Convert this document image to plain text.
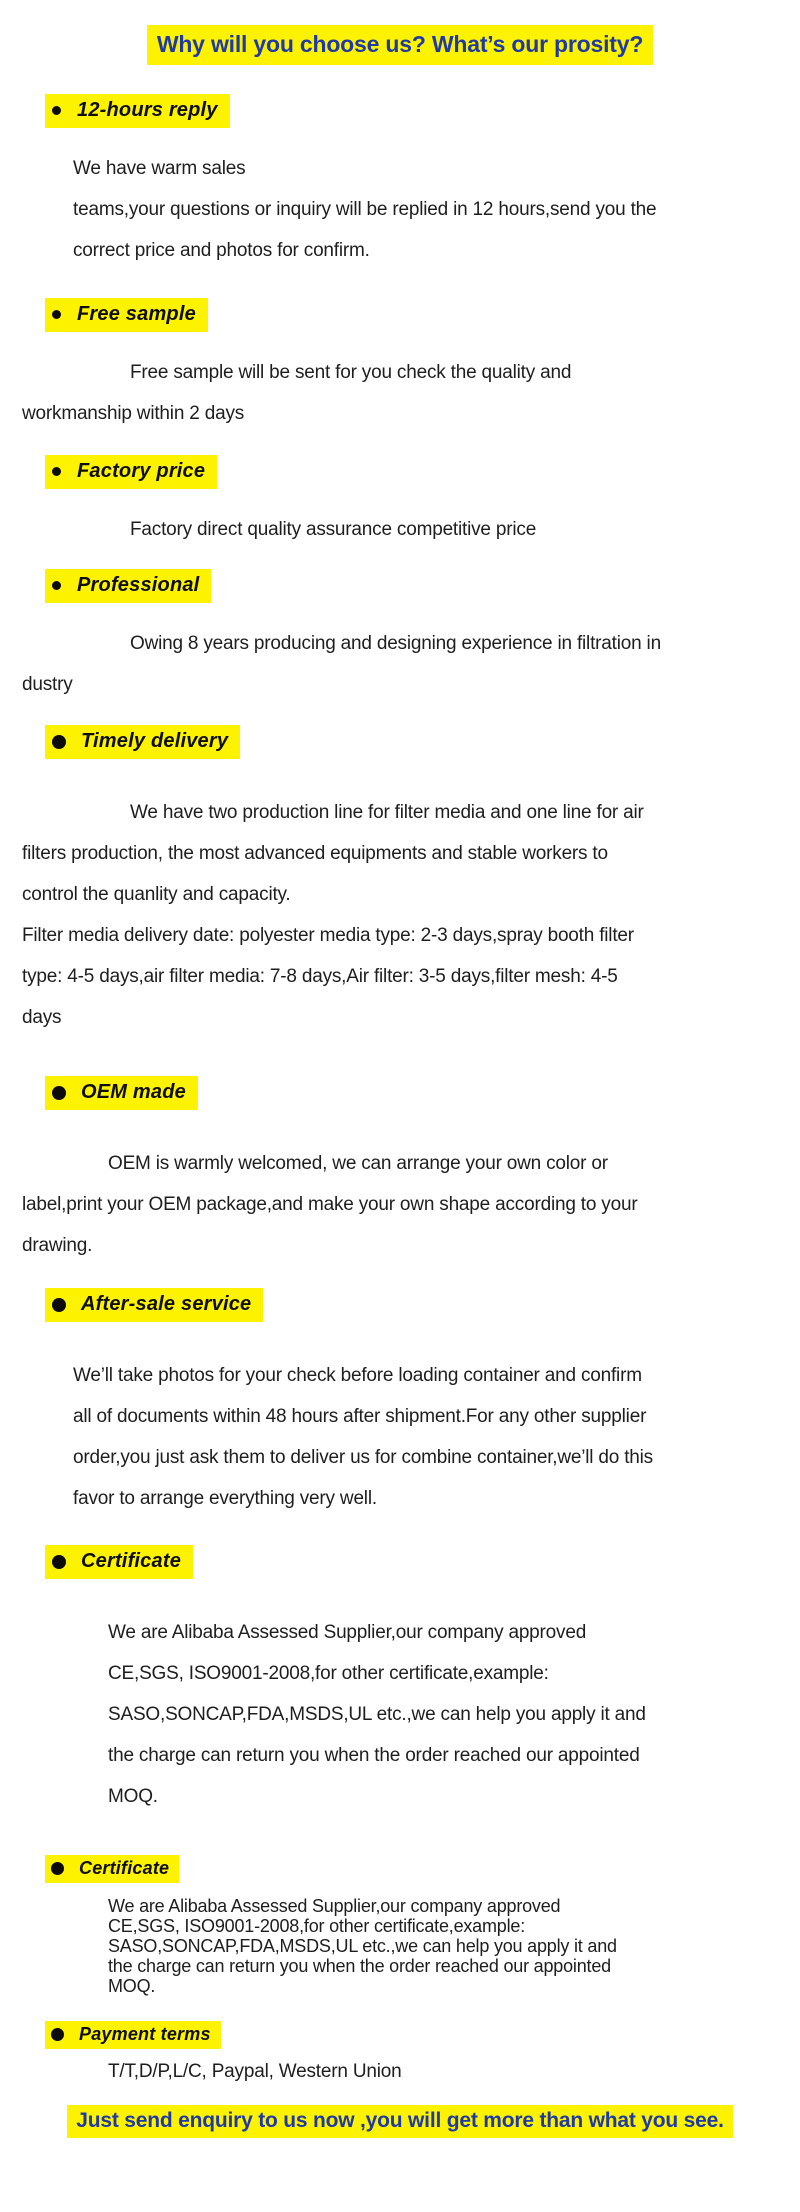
Why will you choose us? What’s our prosity?
12-hours reply
We have warm sales
teams,your questions or inquiry will be replied in 12 hours,send you the
correct price and photos for confirm.
Free sample
Free sample will be sent for you check the quality and
workmanship within 2 days
Factory price
Factory direct quality assurance competitive price
Professional
Owing 8 years producing and designing experience in filtration in
dustry
Timely delivery
We have two production line for filter media and one line for air
filters production, the most advanced equipments and stable workers to
control the quanlity and capacity.
Filter media delivery date: polyester media type: 2-3 days,spray booth filter
type: 4-5 days,air filter media: 7-8 days,Air filter: 3-5 days,filter mesh: 4-5
days
OEM made
OEM is warmly welcomed, we can arrange your own color or
label,print your OEM package,and make your own shape according to your
drawing.
After-sale service
We’ll take photos for your check before loading container and confirm
all of documents within 48 hours after shipment.For any other supplier
order,you just ask them to deliver us for combine container,we’ll do this
favor to arrange everything very well.
Certificate
We are Alibaba Assessed Supplier,our company approved
CE,SGS, ISO9001-2008,for other certificate,example:
SASO,SONCAP,FDA,MSDS,UL etc.,we can help you apply it and
the charge can return you when the order reached our appointed
MOQ.
Certificate
We are Alibaba Assessed Supplier,our company approved
CE,SGS, ISO9001-2008,for other certificate,example:
SASO,SONCAP,FDA,MSDS,UL etc.,we can help you apply it and
the charge can return you when the order reached our appointed
MOQ.
Payment terms
T/T,D/P,L/C, Paypal, Western Union
Just send enquiry to us now ,you will get more than what you see.
